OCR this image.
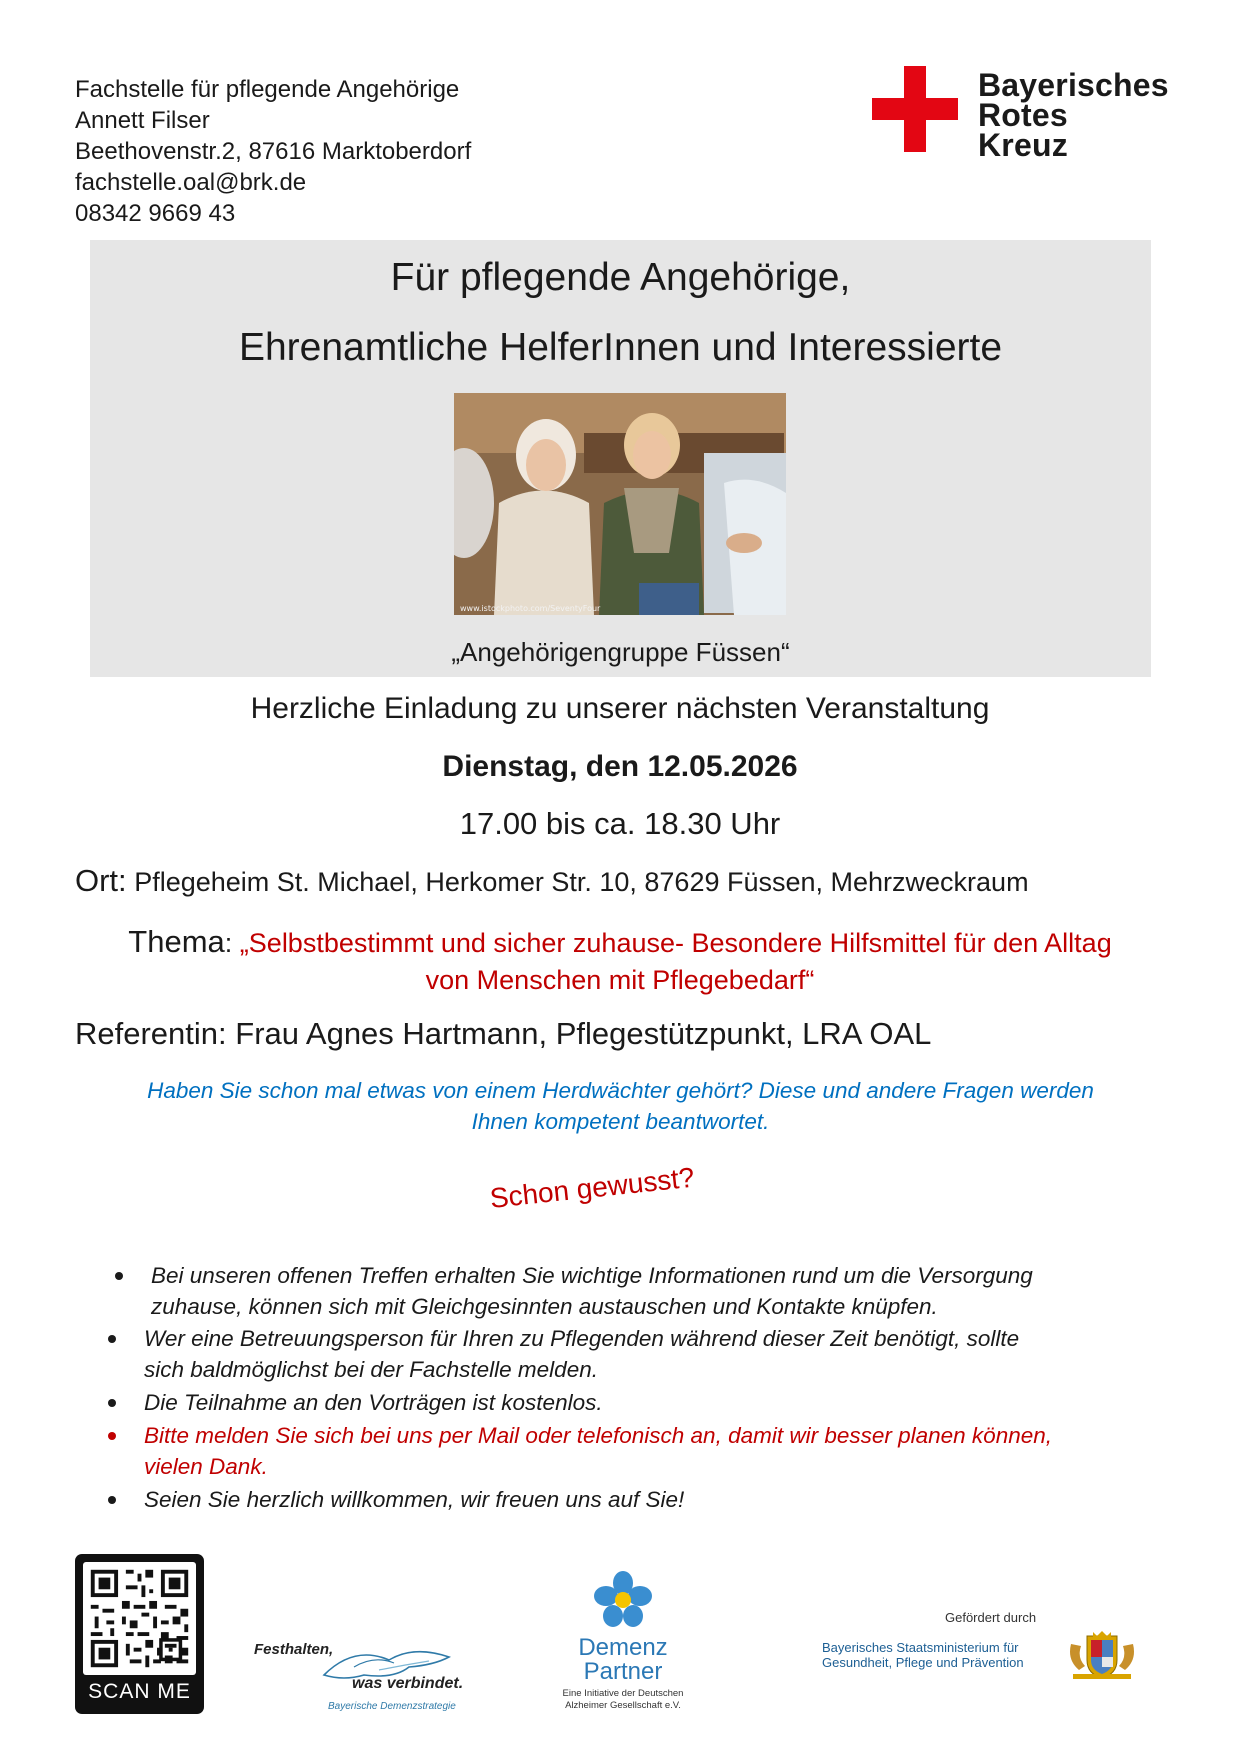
Fachstelle für pflegende Angehörige
Annett Filser
Beethovenstr.2, 87616 Marktoberdorf
fachstelle.oal@brk.de
08342 9669 43
Bayerisches
Rotes
Kreuz
Für pflegende Angehörige,
Ehrenamtliche HelferInnen und Interessierte
„Angehörigengruppe Füssen“
www.istockphoto.com/SeventyFour
Herzliche Einladung zu unserer nächsten Veranstaltung
Dienstag, den 12.05.2026
17.00 bis ca. 18.30 Uhr
Ort: Pflegeheim St. Michael, Herkomer Str. 10, 87629 Füssen, Mehrzweckraum
Thema: „Selbstbestimmt und sicher zuhause- Besondere Hilfsmittel für den Alltag
von Menschen mit Pflegebedarf“
Referentin: Frau Agnes Hartmann, Pflegestützpunkt, LRA OAL
Haben Sie schon mal etwas von einem Herdwächter gehört? Diese und andere Fragen werden
Ihnen kompetent beantwortet.
Schon gewusst?
Bei unseren offenen Treffen erhalten Sie wichtige Informationen rund um die Versorgung
zuhause, können sich mit Gleichgesinnten austauschen und Kontakte knüpfen.
Wer eine Betreuungsperson für Ihren zu Pflegenden während dieser Zeit benötigt, sollte
sich baldmöglichst bei der Fachstelle melden.
Die Teilnahme an den Vorträgen ist kostenlos.
Bitte melden Sie sich bei uns per Mail oder telefonisch an, damit wir besser planen können,
vielen Dank.
Seien Sie herzlich willkommen, wir freuen uns auf Sie!
SCAN ME
Festhalten,
was verbindet.
Bayerische Demenzstrategie
Demenz
Partner
Eine Initiative der Deutschen
Alzheimer Gesellschaft e.V.
Gefördert durch
Bayerisches Staatsministerium für
Gesundheit, Pflege und Prävention
